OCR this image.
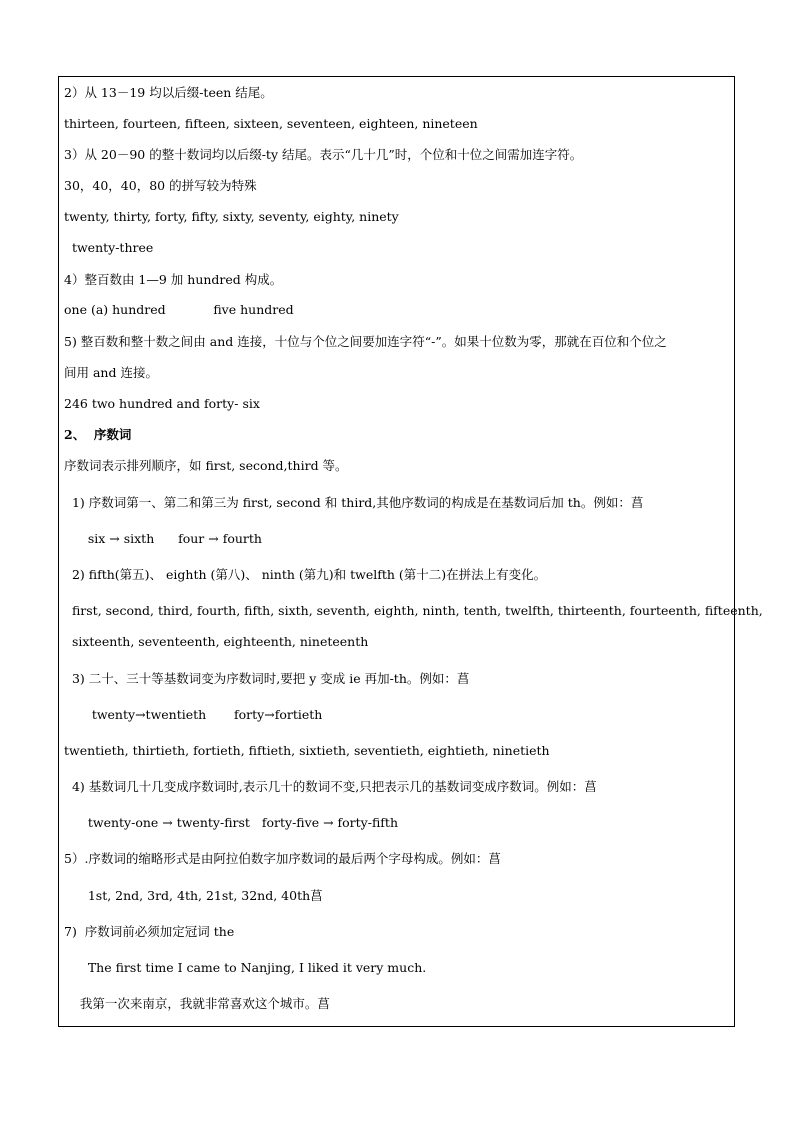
2）从 13－19 均以后缀-teen 结尾。
thirteen, fourteen, fifteen, sixteen, seventeen, eighteen, nineteen
3）从 20－90 的整十数词均以后缀-ty 结尾。表示“几十几”时，个位和十位之间需加连字符。
30，40，40，80 的拼写较为特殊
twenty, thirty, forty, fifty, sixty, seventy, eighty, ninety
twenty-three
4）整百数由 1—9 加 hundred 构成。
one (a) hundred            five hundred
5) 整百数和整十数之间由 and 连接，十位与个位之间要加连字符“-”。如果十位数为零，那就在百位和个位之
间用 and 连接。
246 two hundred and forty- six
2、  序数词
序数词表示排列顺序，如 first, second,third 等。
1) 序数词第一、第二和第三为 first, second 和 third,其他序数词的构成是在基数词后加 th。例如：菖
six → sixth      four → fourth
2) fifth(第五)、 eighth (第八)、 ninth (第九)和 twelfth (第十二)在拼法上有变化。
first, second, third, fourth, fifth, sixth, seventh, eighth, ninth, tenth, twelfth, thirteenth, fourteenth, fifteenth,
sixteenth, seventeenth, eighteenth, nineteenth
3) 二十、三十等基数词变为序数词时,要把 y 变成 ie 再加-th。例如：菖
twenty→twentieth       forty→fortieth
twentieth, thirtieth, fortieth, fiftieth, sixtieth, seventieth, eightieth, ninetieth
4) 基数词几十几变成序数词时,表示几十的数词不变,只把表示几的基数词变成序数词。例如：菖
twenty-one → twenty-first   forty-five → forty-fifth
5）.序数词的缩略形式是由阿拉伯数字加序数词的最后两个字母构成。例如：菖
1st, 2nd, 3rd, 4th, 21st, 32nd, 40th菖
7)  序数词前必须加定冠词 the
The first time I came to Nanjing, I liked it very much.
我第一次来南京，我就非常喜欢这个城市。菖
